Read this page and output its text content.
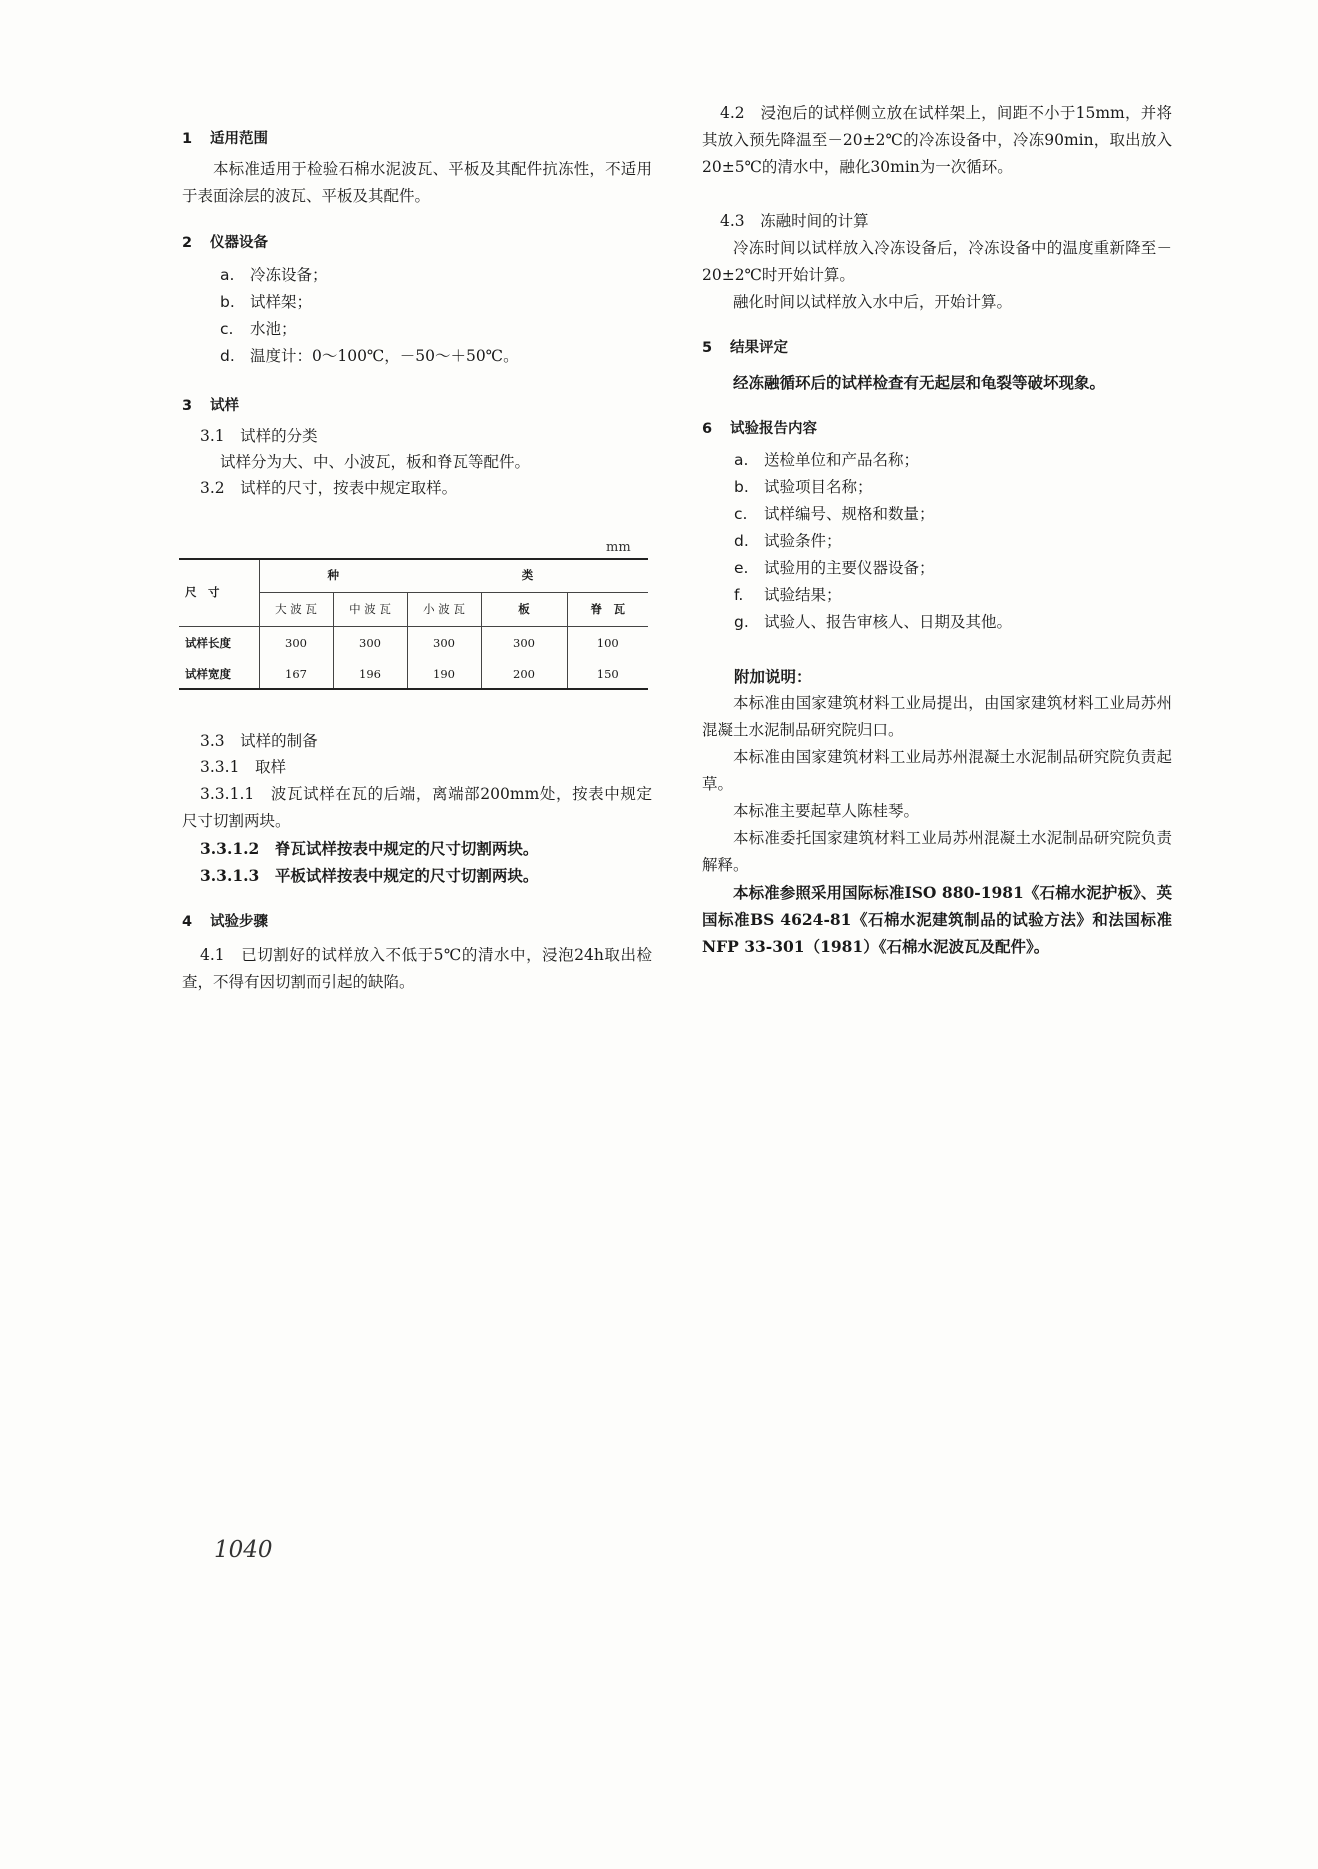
1 适用范围
本标准适用于检验石棉水泥波瓦、平板及其配件抗冻性，不适用于表面涂层的波瓦、平板及其配件。
2 仪器设备
a. 冷冻设备；
b. 试样架；
c. 水池；
d. 温度计：0～100℃，－50～＋50℃。
3 试样
3.1　试样的分类
试样分为大、中、小波瓦，板和脊瓦等配件。
3.2　试样的尺寸，按表中规定取样。
mm
尺　寸	种		类		
	大 波 瓦	中 波 瓦	小 波 瓦	板	脊　瓦
试样长度	300	300	300	300	100
试样宽度	167	196	190	200	150
3.3　试样的制备
3.3.1　取样
3.3.1.1　波瓦试样在瓦的后端，离端部200mm处，按表中规定尺寸切割两块。
3.3.1.2　脊瓦试样按表中规定的尺寸切割两块。
3.3.1.3　平板试样按表中规定的尺寸切割两块。
4 试验步骤
4.1　已切割好的试样放入不低于5℃的清水中，浸泡24h取出检查，不得有因切割而引起的缺陷。
4.2　浸泡后的试样侧立放在试样架上，间距不小于15mm，并将其放入预先降温至－20±2℃的冷冻设备中，冷冻90min，取出放入20±5℃的清水中，融化30min为一次循环。
4.3　冻融时间的计算
冷冻时间以试样放入冷冻设备后，冷冻设备中的温度重新降至－20±2℃时开始计算。
融化时间以试样放入水中后，开始计算。
5 结果评定
经冻融循环后的试样检查有无起层和龟裂等破坏现象。
6 试验报告内容
a. 送检单位和产品名称；
b. 试验项目名称；
c. 试样编号、规格和数量；
d. 试验条件；
e. 试验用的主要仪器设备；
f. 试验结果；
g. 试验人、报告审核人、日期及其他。
附加说明：
本标准由国家建筑材料工业局提出，由国家建筑材料工业局苏州混凝土水泥制品研究院归口。
本标准由国家建筑材料工业局苏州混凝土水泥制品研究院负责起草。
本标准主要起草人陈桂琴。
本标准委托国家建筑材料工业局苏州混凝土水泥制品研究院负责解释。
本标准参照采用国际标准ISO 880-1981《石棉水泥护板》、英国标准BS 4624-81《石棉水泥建筑制品的试验方法》和法国标准NFP 33-301（1981）《石棉水泥波瓦及配件》。
1040
